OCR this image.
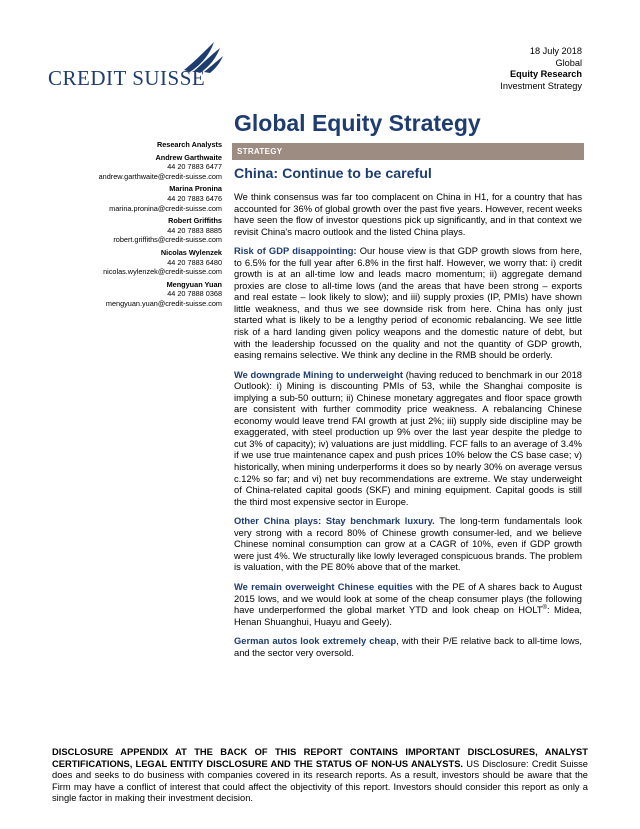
CREDIT SUISSE
18 July 2018
Global
Equity Research
Investment Strategy
Global Equity Strategy
Research Analysts
Andrew Garthwaite
44 20 7883 6477
andrew.garthwaite@credit-suisse.com
Marina Pronina
44 20 7883 6476
marina.pronina@credit-suisse.com
Robert Griffiths
44 20 7883 8885
robert.griffiths@credit-suisse.com
Nicolas Wylenzek
44 20 7883 6480
nicolas.wylenzek@credit-suisse.com
Mengyuan Yuan
44 20 7888 0368
mengyuan.yuan@credit-suisse.com
STRATEGY
China: Continue to be careful

We think consensus was far too complacent on China in H1, for a country that has accounted for 36% of global growth over the past five years. However, recent weeks have seen the flow of investor questions pick up significantly, and in that context we revisit China's macro outlook and the listed China plays.

Risk of GDP disappointing: Our house view is that GDP growth slows from here, to 6.5% for the full year after 6.8% in the first half. However, we worry that: i) credit growth is at an all-time low and leads macro momentum; ii) aggregate demand proxies are close to all-time lows (and the areas that have been strong – exports and real estate – look likely to slow); and iii) supply proxies (IP, PMIs) have shown little weakness, and thus we see downside risk from here. China has only just started what is likely to be a lengthy period of economic rebalancing. We see little risk of a hard landing given policy weapons and the domestic nature of debt, but with the leadership focussed on the quality and not the quantity of GDP growth, easing remains selective. We think any decline in the RMB should be orderly.

We downgrade Mining to underweight (having reduced to benchmark in our 2018 Outlook): i) Mining is discounting PMIs of 53, while the Shanghai composite is implying a sub-50 outturn; ii) Chinese monetary aggregates and floor space growth are consistent with further commodity price weakness. A rebalancing Chinese economy would leave trend FAI growth at just 2%; iii) supply side discipline may be exaggerated, with steel production up 9% over the last year despite the pledge to cut 3% of capacity); iv) valuations are just middling. FCF falls to an average of 3.4% if we use true maintenance capex and push prices 10% below the CS base case; v) historically, when mining underperforms it does so by nearly 30% on average versus c.12% so far; and vi) net buy recommendations are extreme. We stay underweight of China-related capital goods (SKF) and mining equipment. Capital goods is still the third most expensive sector in Europe.

Other China plays: Stay benchmark luxury. The long-term fundamentals look very strong with a record 80% of Chinese growth consumer-led, and we believe Chinese nominal consumption can grow at a CAGR of 10%, even if GDP growth were just 4%. We structurally like lowly leveraged conspicuous brands. The problem is valuation, with the PE 80% above that of the market.

We remain overweight Chinese equities with the PE of A shares back to August 2015 lows, and we would look at some of the cheap consumer plays (the following have underperformed the global market YTD and look cheap on HOLT®: Midea, Henan Shuanghui, Huayu and Geely).

German autos look extremely cheap, with their P/E relative back to all-time lows, and the sector very oversold.

DISCLOSURE APPENDIX AT THE BACK OF THIS REPORT CONTAINS IMPORTANT DISCLOSURES, ANALYST CERTIFICATIONS, LEGAL ENTITY DISCLOSURE AND THE STATUS OF NON-US ANALYSTS. US Disclosure: Credit Suisse does and seeks to do business with companies covered in its research reports. As a result, investors should be aware that the Firm may have a conflict of interest that could affect the objectivity of this report. Investors should consider this report as only a single factor in making their investment decision.
